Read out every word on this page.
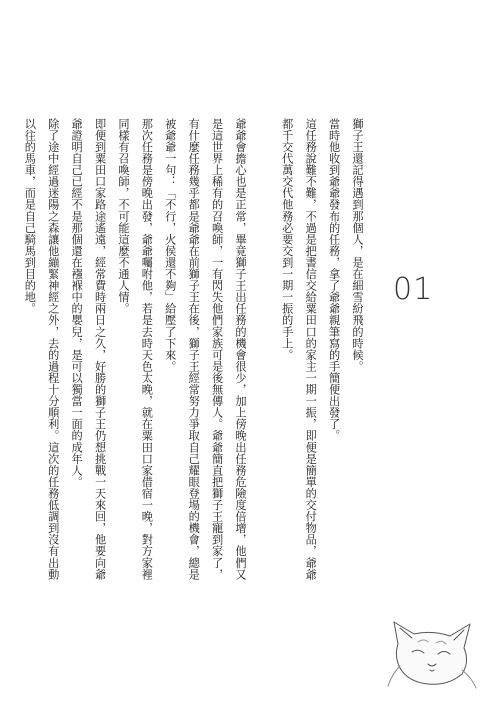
獅子王還記得遇到那個人，是在細雪紛飛的時候。

當時他收到爺爺發布的任務，拿了爺爺親筆寫的手簡便出發了。

這任務說難不難，不過是把書信交給粟田口的家主一期一振，即便是簡單的交付物品，爺爺都千交代萬交代他務必要交到一期一振的手上。

爺爺會擔心也是正常，畢竟獅子王出任務的機會很少，加上傍晚出任務危險度倍增，他們又是這世界上稀有的召喚師，一有閃失他們家族可是後無傳人。爺爺簡直把獅子王寵到家了，有什麼任務幾乎都是爺爺在前獅子王在後，獅子王經常努力爭取自己耀眼登場的機會，總是被爺爺一句：「不行，火侯還不夠」給壓了下來。

那次任務是傍晚出發，爺爺囑咐他，若是去時天色太晚，就在粟田口家借宿一晚，對方家裡同樣有召喚師，不可能這麼不通人情。

即便到粟田口家路途遙遠，經常費時兩日之久，好勝的獅子王仍想挑戰一天來回，他要向爺爺證明自己已經不是那個還在襁褓中的嬰兒，是可以獨當一面的成年人。

除了途中經過迷陽之森讓他繃緊神經之外，去的過程十分順利。這次的任務低調到沒有出動以往的馬車，而是自己騎馬到目的地。	01
